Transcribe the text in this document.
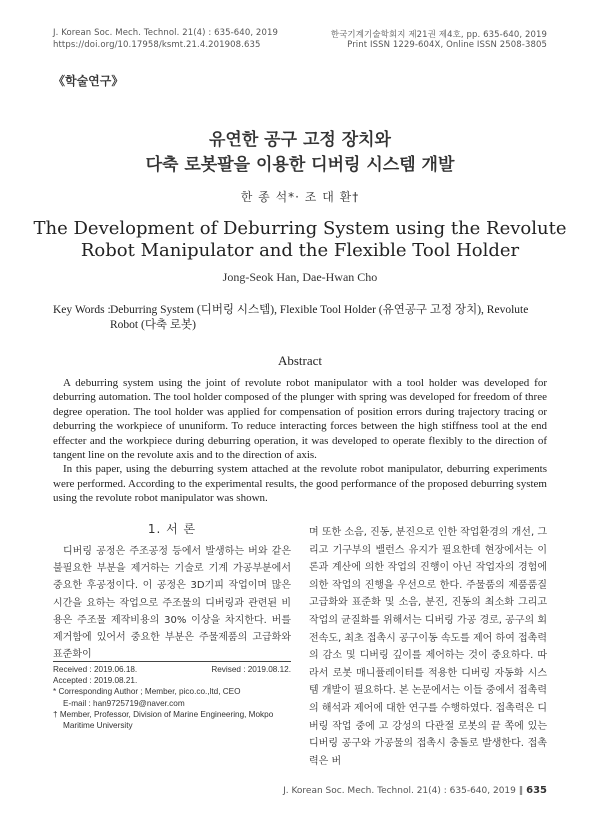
J. Korean Soc. Mech. Technol. 21(4) : 635-640, 2019
https://doi.org/10.17958/ksmt.21.4.201908.635
한국기계기술학회지 제21권 제4호, pp. 635-640, 2019
Print ISSN 1229-604X, Online ISSN 2508-3805
《학술연구》
유연한 공구 고정 장치와
다축 로봇팔을 이용한 디버링 시스템 개발
한 종 석*· 조 대 환†
The Development of Deburring System using the Revolute
Robot Manipulator and the Flexible Tool Holder
Jong-Seok Han, Dae-Hwan Cho
Key Words : Deburring System (디버링 시스템), Flexible Tool Holder (유연공구 고정 장치), Revolute Robot (다축 로봇)
Abstract

A deburring system using the joint of revolute robot manipulator with a tool holder was developed for deburring automation. The tool holder composed of the plunger with spring was developed for freedom of three degree operation. The tool holder was applied for compensation of position errors during trajectory tracing or deburring the workpiece of ununiform. To reduce interacting forces between the high stiffness tool at the end effecter and the workpiece during deburring operation, it was developed to operate flexibly to the direction of tangent line on the revolute axis and to the direction of axis.

In this paper, using the deburring system attached at the revolute robot manipulator, deburring experiments were performed. According to the experimental results, the good performance of the proposed deburring system using the revolute robot manipulator was shown.

1. 서 론
디버링 공정은 주조공정 등에서 발생하는 버와 같은 불필요한 부분을 제거하는 기술로 기계 가공부분에서 중요한 후공정이다. 이 공정은 3D기피 작업이며 많은 시간을 요하는 작업으로 주조물의 디버링과 관련된 비용은 주조물 제작비용의 30% 이상을 차지한다. 버를 제거함에 있어서 중요한 부분은 주물제품의 고급화와 표준화이
Received : 2019.06.18.	Revised : 2019.08.12.
Accepted : 2019.08.21.
* Corresponding Author ; Member, pico.co.,ltd, CEO
E-mail : han9725719@naver.com
† Member, Professor, Division of Marine Engineering, Mokpo
Maritime University
며 또한 소음, 진동, 분진으로 인한 작업환경의 개선, 그리고 기구부의 밸런스 유지가 필요한데 현장에서는 이론과 계산에 의한 작업의 진행이 아닌 작업자의 경험에 의한 작업의 진행을 우선으로 한다. 주물품의 제품품질 고급화와 표준화 및 소음, 분진, 진동의 최소화 그리고 작업의 균질화를 위해서는 디버링 가공 경로, 공구의 회전속도, 최초 접촉시 공구이동 속도를 제어 하여 접촉력의 감소 및 디버링 깊이를 제어하는 것이 중요하다. 따라서 로봇 매니퓰레이터를 적용한 디버링 자동화 시스템 개발이 필요하다. 본 논문에서는 이들 중에서 접촉력의 해석과 제어에 대한 연구를 수행하였다. 접촉력은 디버링 작업 중에 고 강성의 다관절 로봇의 끝 쪽에 있는 디버링 공구와 가공물의 접촉시 충돌로 발생한다. 접촉력은 버
J. Korean Soc. Mech. Technol. 21(4) : 635-640, 2019 ‖ 635
